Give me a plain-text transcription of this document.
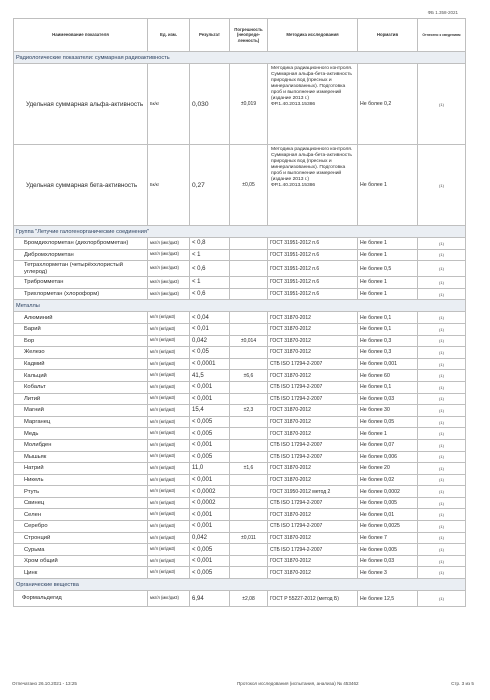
ФБ 1.358-2021
Наименование показателя	Ед. изм.	Результат	Погрешность (неопреде-ленность)	Методика исследования	Норматив	Отнесено к сведениям
Радиологические показатели: суммарная радиоактивность						
Удельная суммарная альфа-активность	Бк/кг	0,030	±0,019	Методика радиационного контроля. Суммарная альфа-бета-активность природных вод (пресных и минерализованных). Подготовка проб и выполнение измерений (издание 2013 г.) ФР.1.40.2013.15386	Не более 0,2	(1)
Удельная суммарная бета-активность	Бк/кг	0,27	±0,05	Методика радиационного контроля. Суммарная альфа-бета-активность природных вод (пресных и минерализованных). Подготовка проб и выполнение измерений (издание 2013 г.) ФР.1.40.2013.15386	Не более 1	(1)
Группа "Летучие галогенорганические соединения"						
Бромдихлорметан (дихлорбромметан)	мкг/л (мкг/дм3)	< 0,8		ГОСТ 31951-2012 п.6	Не более 1	(1)
Дибромхлорметан	мкг/л (мкг/дм3)	< 1		ГОСТ 31951-2012 п.6	Не более 1	(1)
Тетрахлорметан (четырёххлористый углерод)	мкг/л (мкг/дм3)	< 0,6		ГОСТ 31951-2012 п.6	Не более 0,5	(1)
Трибромметан	мкг/л (мкг/дм3)	< 1		ГОСТ 31951-2012 п.6	Не более 1	(1)
Трихлорметан (хлороформ)	мкг/л (мкг/дм3)	< 0,6		ГОСТ 31951-2012 п.6	Не более 1	(1)
Металлы						
Алюминий	мг/л (мг/дм3)	< 0,04		ГОСТ 31870-2012	Не более 0,1	(1)
Барий	мг/л (мг/дм3)	< 0,01		ГОСТ 31870-2012	Не более 0,1	(1)
Бор	мг/л (мг/дм3)	0,042	±0,014	ГОСТ 31870-2012	Не более 0,3	(1)
Железо	мг/л (мг/дм3)	< 0,05		ГОСТ 31870-2012	Не более 0,3	(1)
Кадмий	мг/л (мг/дм3)	< 0,0001		СТБ ISO 17294-2-2007	Не более 0,001	(1)
Кальций	мг/л (мг/дм3)	41,5	±6,6	ГОСТ 31870-2012	Не более 60	(1)
Кобальт	мг/л (мг/дм3)	< 0,001		СТБ ISO 17294-2-2007	Не более 0,1	(1)
Литий	мг/л (мг/дм3)	< 0,001		СТБ ISO 17294-2-2007	Не более 0,03	(1)
Магний	мг/л (мг/дм3)	15,4	±2,3	ГОСТ 31870-2012	Не более 30	(1)
Марганец	мг/л (мг/дм3)	< 0,005		ГОСТ 31870-2012	Не более 0,05	(1)
Медь	мг/л (мг/дм3)	< 0,005		ГОСТ 31870-2012	Не более 1	(1)
Молибден	мг/л (мг/дм3)	< 0,001		СТБ ISO 17294-2-2007	Не более 0,07	(1)
Мышьяк	мг/л (мг/дм3)	< 0,005		СТБ ISO 17294-2-2007	Не более 0,006	(1)
Натрий	мг/л (мг/дм3)	11,0	±1,6	ГОСТ 31870-2012	Не более 20	(1)
Никель	мг/л (мг/дм3)	< 0,001		ГОСТ 31870-2012	Не более 0,02	(1)
Ртуть	мг/л (мг/дм3)	< 0,0002		ГОСТ 31950-2012 метод 2	Не более 0,0002	(1)
Свинец	мг/л (мг/дм3)	< 0,0002		СТБ ISO 17294-2-2007	Не более 0,005	(1)
Селен	мг/л (мг/дм3)	< 0,001		ГОСТ 31870-2012	Не более 0,01	(1)
Серебро	мг/л (мг/дм3)	< 0,001		СТБ ISO 17294-2-2007	Не более 0,0025	(1)
Стронций	мг/л (мг/дм3)	0,042	±0,011	ГОСТ 31870-2012	Не более 7	(1)
Сурьма	мг/л (мг/дм3)	< 0,005		СТБ ISO 17294-2-2007	Не более 0,005	(1)
Хром общий	мг/л (мг/дм3)	< 0,001		ГОСТ 31870-2012	Не более 0,03	(1)
Цинк	мг/л (мг/дм3)	< 0,005		ГОСТ 31870-2012	Не более 3	(1)
Органические вещества						
Формальдегид	мкг/л (мкг/дм3)	6,94	±2,08	ГОСТ Р 55227-2012 (метод Б)	Не более 12,5	(1)
Отпечатано 26.10.2021 - 13:25	Протокол исследования (испытания, анализа) № 453462	Стр. 3 из 5
